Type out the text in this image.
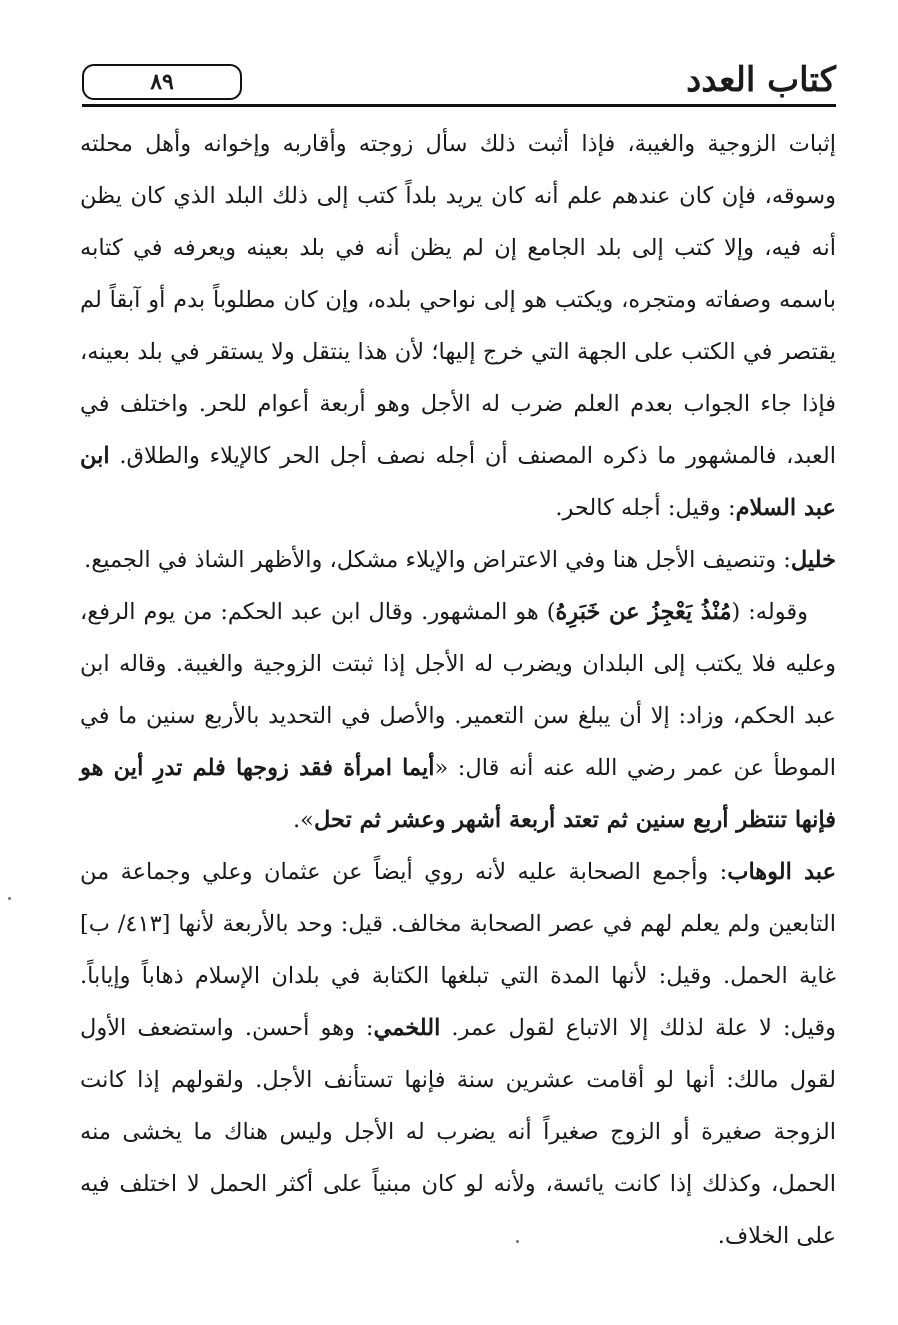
٨٩	كتاب العدد

إثبات الزوجية والغيبة، فإذا أثبت ذلك سأل زوجته وأقاربه وإخوانه وأهل محلته وسوقه، فإن كان عندهم علم أنه كان يريد بلداً كتب إلى ذلك البلد الذي كان يظن أنه فيه، وإلا كتب إلى بلد الجامع إن لم يظن أنه في بلد بعينه ويعرفه في كتابه باسمه وصفاته ومتجره، ويكتب هو إلى نواحي بلده، وإن كان مطلوباً بدم أو آبقاً لم يقتصر في الكتب على الجهة التي خرج إليها؛ لأن هذا ينتقل ولا يستقر في بلد بعينه، فإذا جاء الجواب بعدم العلم ضرب له الأجل وهو أربعة أعوام للحر. واختلف في العبد، فالمشهور ما ذكره المصنف أن أجله نصف أجل الحر كالإيلاء والطلاق. ابن عبد السلام: وقيل: أجله كالحر.

خليل: وتنصيف الأجل هنا وفي الاعتراض والإيلاء مشكل، والأظهر الشاذ في الجميع.

وقوله: (مُنْذُ يَعْجِزُ عن خَبَرِهُ) هو المشهور. وقال ابن عبد الحكم: من يوم الرفع، وعليه فلا يكتب إلى البلدان ويضرب له الأجل إذا ثبتت الزوجية والغيبة. وقاله ابن عبد الحكم، وزاد: إلا أن يبلغ سن التعمير. والأصل في التحديد بالأربع سنين ما في الموطأ عن عمر رضي الله عنه أنه قال: «أيما امرأة فقد زوجها فلم تدرِ أين هو فإنها تنتظر أربع سنين ثم تعتد أربعة أشهر وعشر ثم تحل».

عبد الوهاب: وأجمع الصحابة عليه لأنه روي أيضاً عن عثمان وعلي وجماعة من التابعين ولم يعلم لهم في عصر الصحابة مخالف. قيل: وحد بالأربعة لأنها [٤١٣/ ب] غاية الحمل. وقيل: لأنها المدة التي تبلغها الكتابة في بلدان الإسلام ذهاباً وإياباً. وقيل: لا علة لذلك إلا الاتباع لقول عمر. اللخمي: وهو أحسن. واستضعف الأول لقول مالك: أنها لو أقامت عشرين سنة فإنها تستأنف الأجل. ولقولهم إذا كانت الزوجة صغيرة أو الزوج صغيراً أنه يضرب له الأجل وليس هناك ما يخشى منه الحمل، وكذلك إذا كانت يائسة، ولأنه لو كان مبنياً على أكثر الحمل لا اختلف فيه على الخلاف.
